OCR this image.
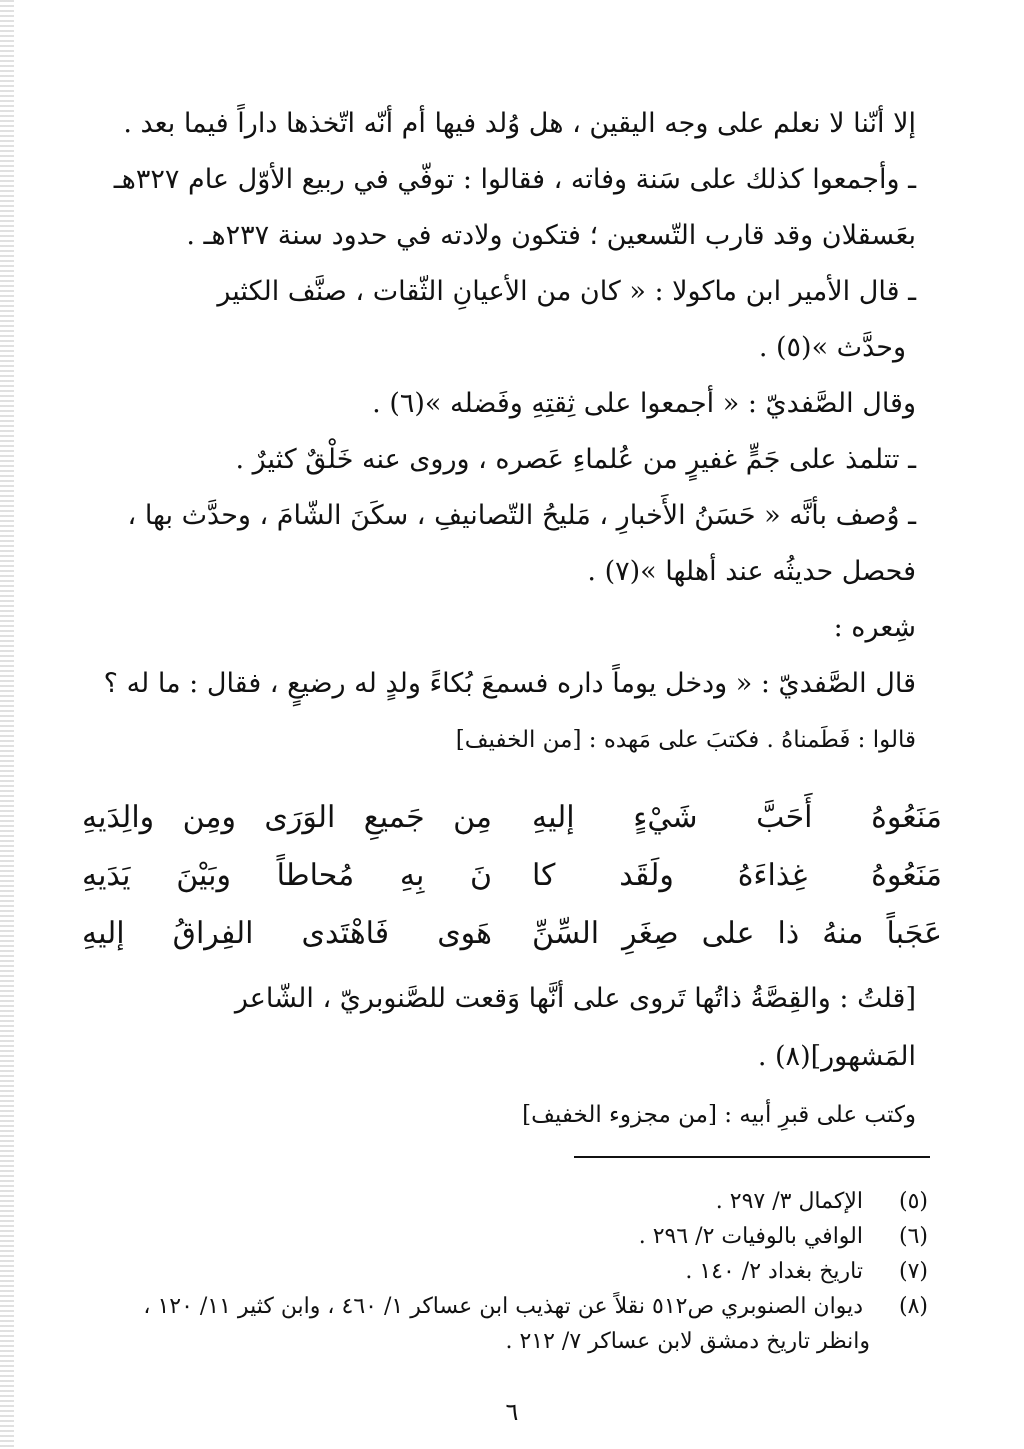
إلا أنّنا لا نعلم على وجه اليقين ، هل وُلد فيها أم أنّه اتّخذها داراً فيما بعد .
ـ وأجمعوا كذلك على سَنة وفاته ، فقالوا : توفّي في ربيع الأوّل عام ٣٢٧هـ
بعَسقلان وقد قارب التّسعين ؛ فتكون ولادته في حدود سنة ٢٣٧هـ .
ـ قال الأمير ابن ماكولا : « كان من الأعيانِ الثّقات ، صنَّف الكثير
وحدَّث »(٥) .
وقال الصَّفديّ : « أجمعوا على ثِقتِهِ وفَضله »(٦) .
ـ تتلمذ على جَمٍّ غفيرٍ من عُلماءِ عَصره ، وروى عنه خَلْقٌ كثيرٌ .
ـ وُصف بأنَّه « حَسَنُ الأَخبارِ ، مَليحُ التّصانيفِ ، سكَنَ الشّامَ ، وحدَّث بها ،
فحصل حديثُه عند أهلها »(٧) .
شِعره :
قال الصَّفديّ : « ودخل يوماً داره فسمعَ بُكاءً ولدٍ له رضيعٍ ، فقال : ما له ؟
قالوا : فَطَمناهُ . فكتبَ على مَهده : [من الخفيف]
مَنَعُوهُ أَحَبَّ شَيْءٍ إليهِ
مِن جَميعِ الوَرَى ومِن والِدَيهِ
مَنَعُوهُ غِذاءَهُ ولَقَد كا
نَ بِهِ مُحاطاً وبَيْنَ يَدَيهِ
عَجَباً منهُ ذا على صِغَرِ السِّنِّ
هَوى فَاهْتَدى الفِراقُ إليهِ
[قلتُ : والقِصَّةُ ذاتُها تَروى على أنَّها وَقعت للصَّنوبريّ ، الشّاعر
المَشهور](٨) .
وكتب على قبرِ أبيه : [من مجزوء الخفيف]
(٥) الإكمال ٣/ ٢٩٧ .
(٦) الوافي بالوفيات ٢/ ٢٩٦ .
(٧) تاريخ بغداد ٢/ ١٤٠ .
(٨) ديوان الصنوبري ص٥١٢ نقلاً عن تهذيب ابن عساكر ١/ ٤٦٠ ، وابن كثير ١١/ ١٢٠ ،
وانظر تاريخ دمشق لابن عساكر ٧/ ٢١٢ .
٦
